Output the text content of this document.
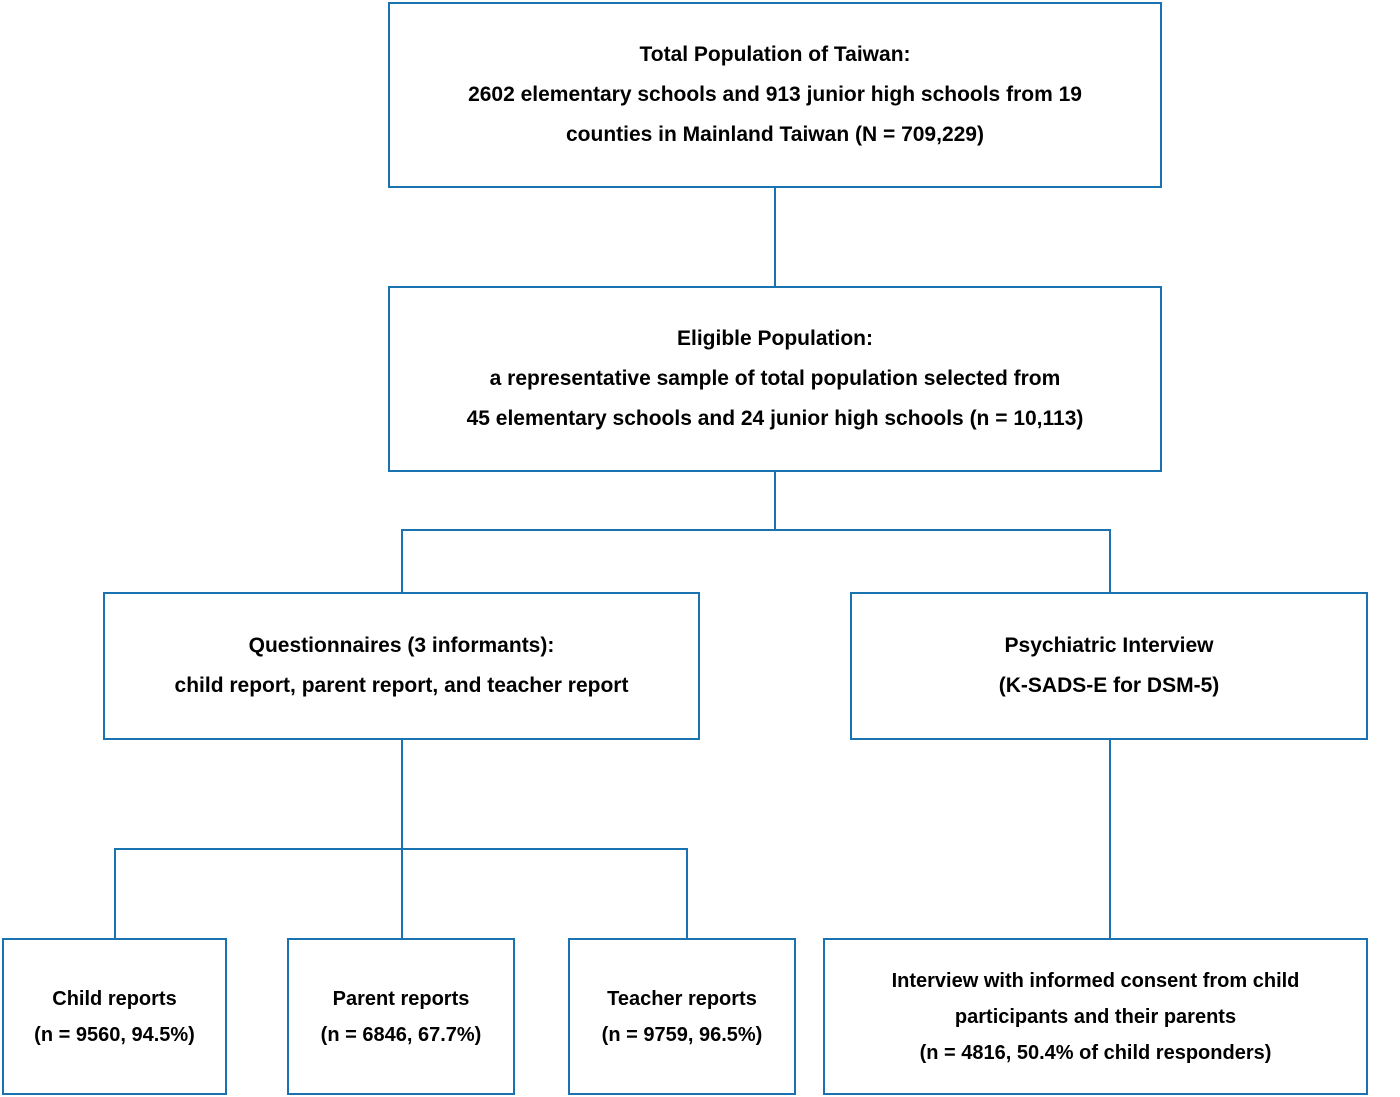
Total Population of Taiwan:
2602 elementary schools and 913 junior high schools from 19
counties in Mainland Taiwan (N = 709,229)
Eligible Population:
a representative sample of total population selected from
45 elementary schools and 24 junior high schools (n = 10,113)
Questionnaires (3 informants):
child report, parent report, and teacher report
Psychiatric Interview
(K-SADS-E for DSM-5)
Child reports
(n = 9560, 94.5%)
Parent reports
(n = 6846, 67.7%)
Teacher reports
(n = 9759, 96.5%)
Interview with informed consent from child
participants and their parents
(n = 4816, 50.4% of child responders)
